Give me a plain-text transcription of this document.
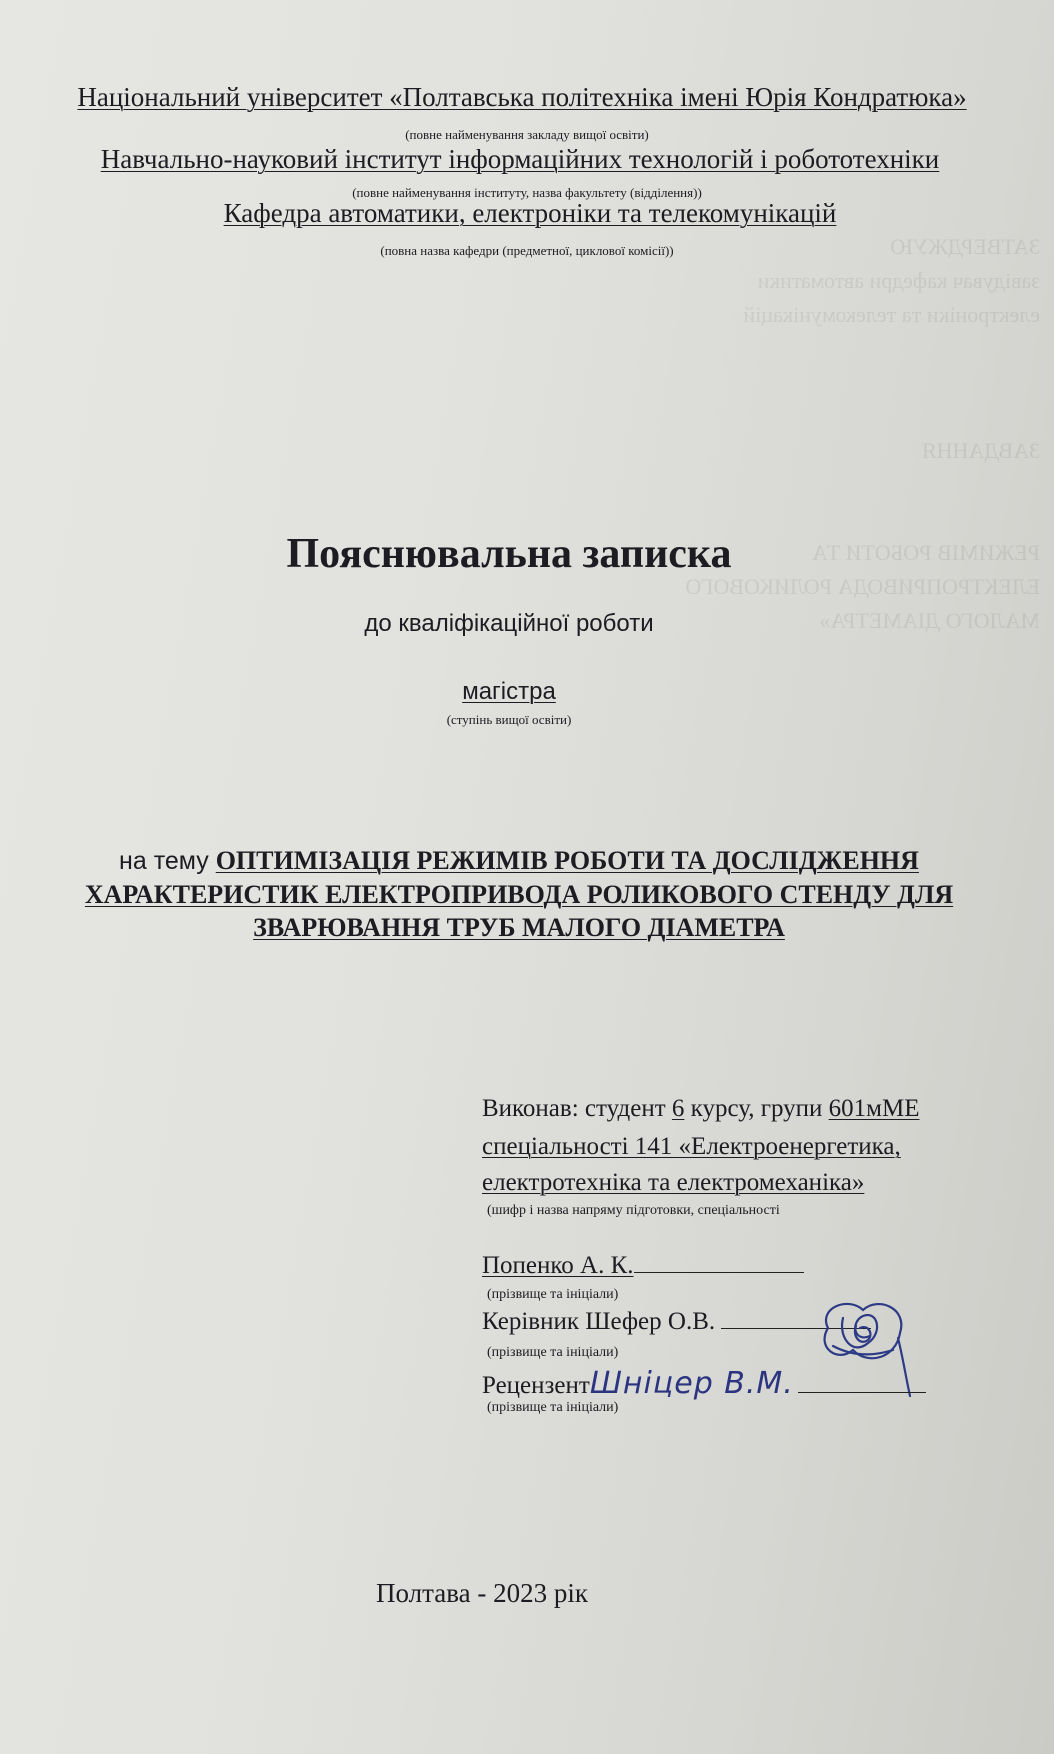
ЗАТВЕРДЖУЮ
завідувач кафедри автоматики
електроніки та телекомунікацій

ЗАВДАННЯ

РЕЖИМІВ РОБОТИ ТА
ЕЛЕКТРОПРИВОДА РОЛИКОВОГО
МАЛОГО ДІАМЕТРА»
Національний університет «Полтавська політехніка імені Юрія Кондратюка»
(повне найменування закладу вищої освіти)
Навчально-науковий інститут інформаційних технологій і робототехніки
(повне найменування інституту, назва факультету (відділення))
Кафедра автоматики, електроніки та телекомунікацій
(повна назва кафедри (предметної, циклової комісії))
Пояснювальна записка
до кваліфікаційної роботи
магістра
(ступінь вищої освіти)
на тему ОПТИМІЗАЦІЯ РЕЖИМІВ РОБОТИ ТА ДОСЛІДЖЕННЯ
ХАРАКТЕРИСТИК ЕЛЕКТРОПРИВОДА РОЛИКОВОГО СТЕНДУ ДЛЯ
ЗВАРЮВАННЯ ТРУБ МАЛОГО ДІАМЕТРА
Виконав: студент 6 курсу, групи 601мМЕ
спеціальності 141 «Електроенергетика,
електротехніка та електромеханіка»
(шифр і назва напряму підготовки, спеціальності
Попенко А. К.
(прізвище та ініціали)
Керівник Шефер О.В.
(прізвище та ініціали)
РецензентШніцер В.М.
(прізвище та ініціали)
Полтава - 2023 рік
